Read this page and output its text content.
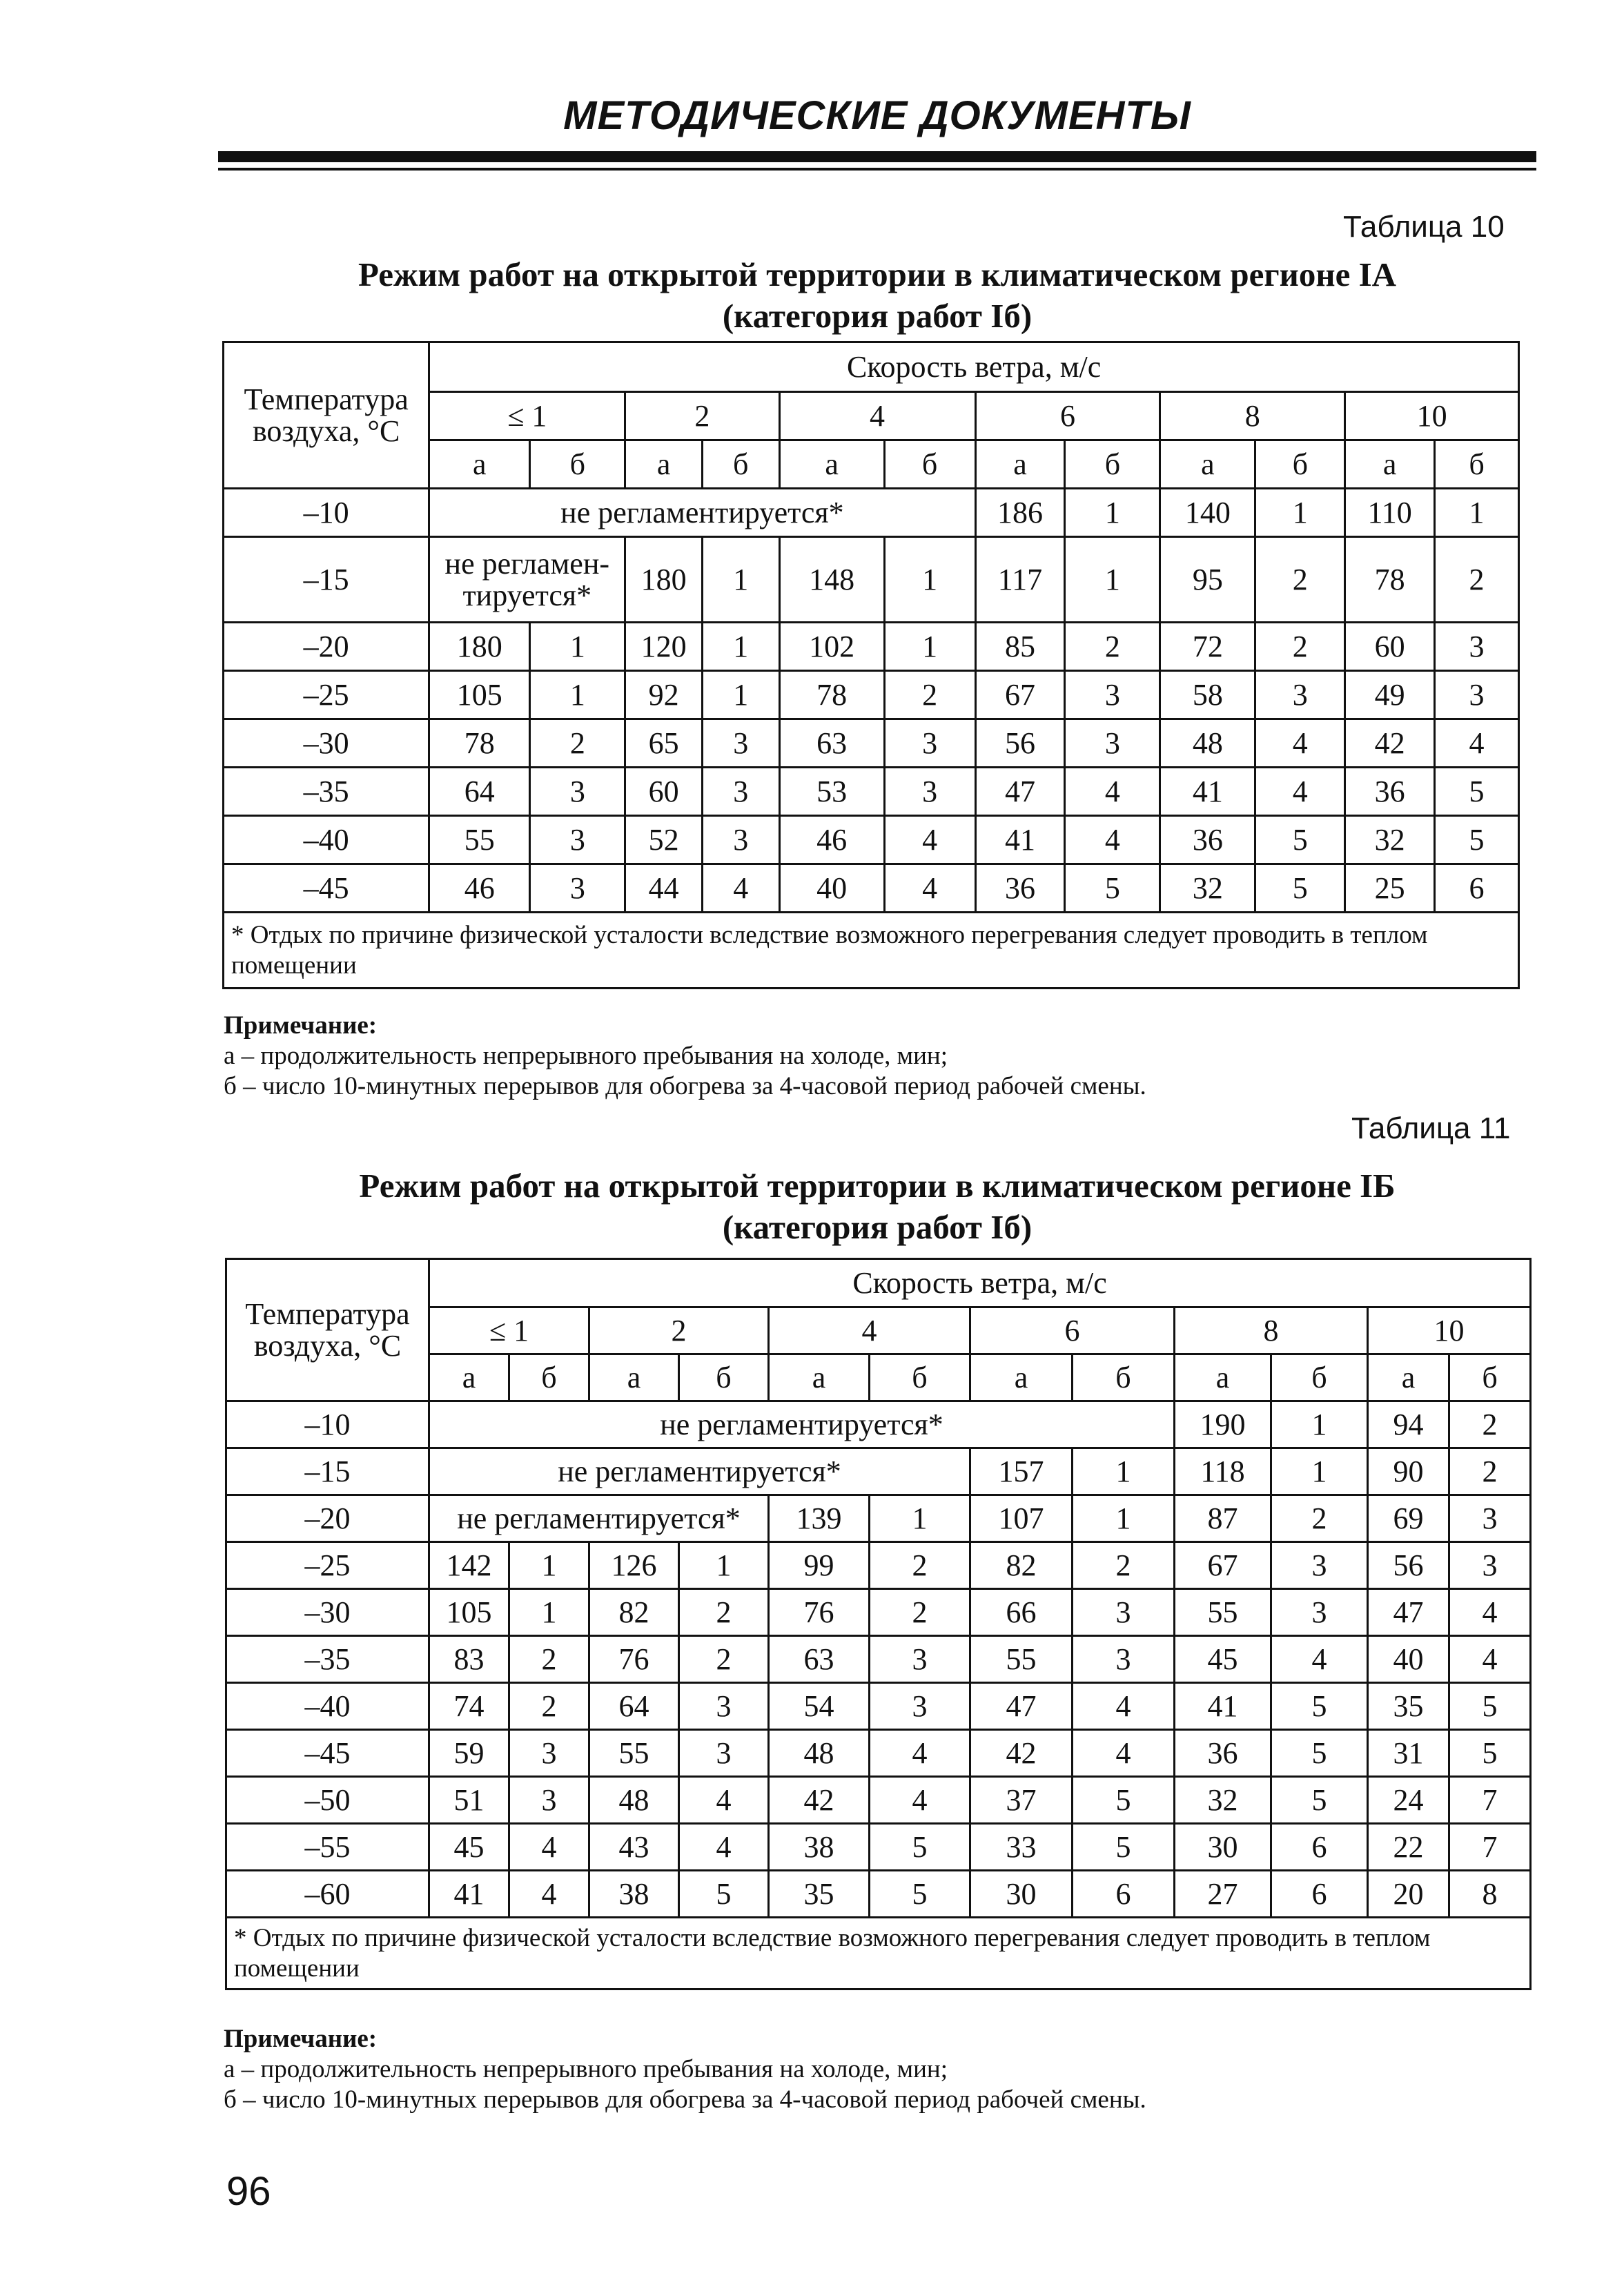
МЕТОДИЧЕСКИЕ ДОКУМЕНТЫ
Таблица 10
Режим работ на открытой территории в климатическом регионе IА
(категория работ Iб)
Температура воздуха, °C	Скорость ветра, м/с											
	≤ 1		2		4		6		8		10	
	а	б	а	б	а	б	а	б	а	б	а	б
–10	не регламентируется*						186	1	140	1	110	1
–15	не регламен-тируется*		180	1	148	1	117	1	95	2	78	2
–20	180	1	120	1	102	1	85	2	72	2	60	3
–25	105	1	92	1	78	2	67	3	58	3	49	3
–30	78	2	65	3	63	3	56	3	48	4	42	4
–35	64	3	60	3	53	3	47	4	41	4	36	5
–40	55	3	52	3	46	4	41	4	36	5	32	5
–45	46	3	44	4	40	4	36	5	32	5	25	6
* Отдых по причине физической усталости вследствие возможного перегревания следует проводить в теплом помещении												
Примечание:
а – продолжительность непрерывного пребывания на холоде, мин;
б – число 10-минутных перерывов для обогрева за 4-часовой период рабочей смены.
Таблица 11
Режим работ на открытой территории в климатическом регионе IБ
(категория работ Iб)
Температура воздуха, °C	Скорость ветра, м/с											
	≤ 1		2		4		6		8		10	
	а	б	а	б	а	б	а	б	а	б	а	б
–10	не регламентируется*								190	1	94	2
–15	не регламентируется*						157	1	118	1	90	2
–20	не регламентируется*				139	1	107	1	87	2	69	3
–25	142	1	126	1	99	2	82	2	67	3	56	3
–30	105	1	82	2	76	2	66	3	55	3	47	4
–35	83	2	76	2	63	3	55	3	45	4	40	4
–40	74	2	64	3	54	3	47	4	41	5	35	5
–45	59	3	55	3	48	4	42	4	36	5	31	5
–50	51	3	48	4	42	4	37	5	32	5	24	7
–55	45	4	43	4	38	5	33	5	30	6	22	7
–60	41	4	38	5	35	5	30	6	27	6	20	8
* Отдых по причине физической усталости вследствие возможного перегревания следует проводить в теплом помещении												
Примечание:
а – продолжительность непрерывного пребывания на холоде, мин;
б – число 10-минутных перерывов для обогрева за 4-часовой период рабочей смены.
96
